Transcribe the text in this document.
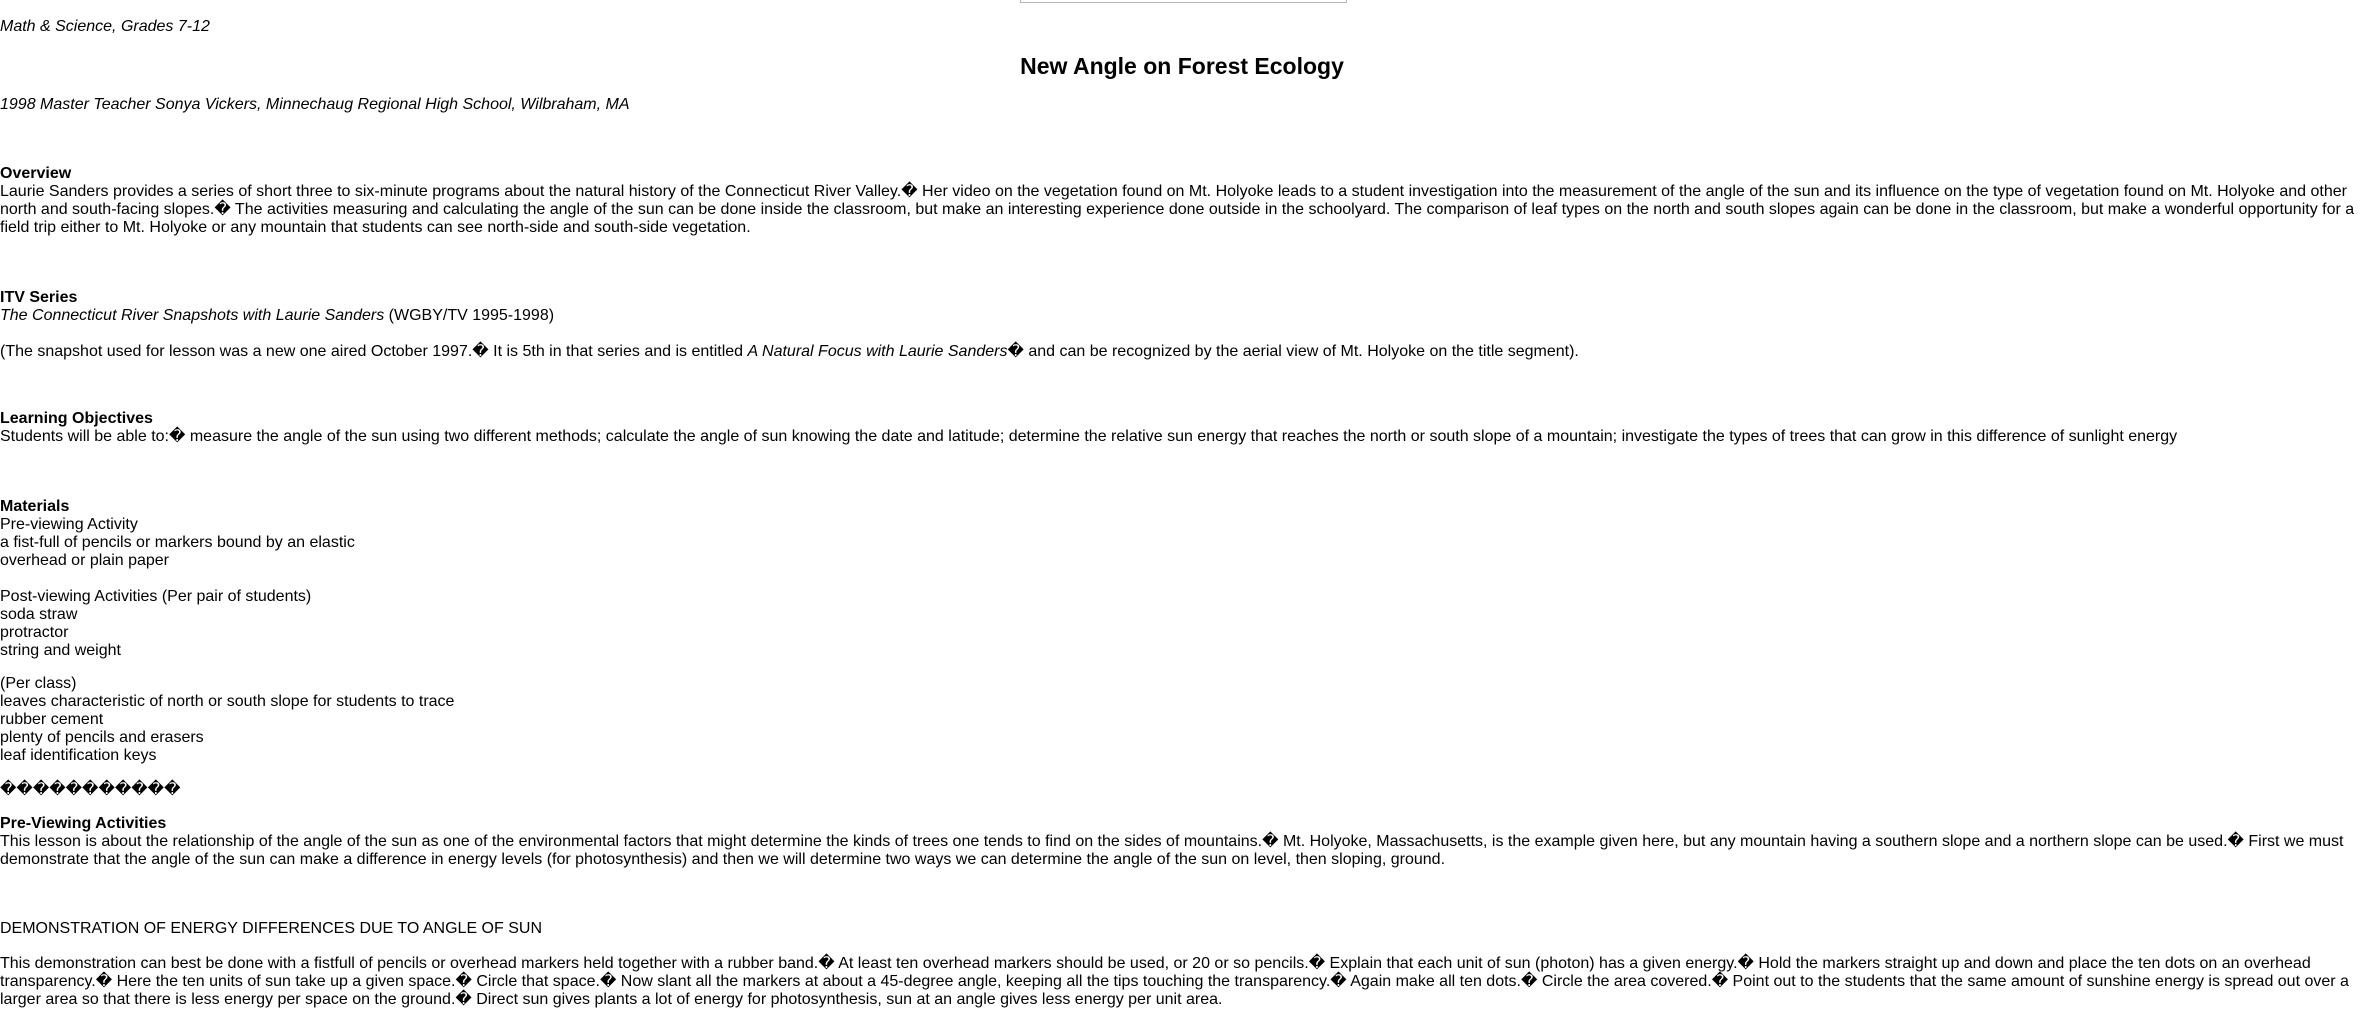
Math & Science, Grades 7-12

New Angle on Forest Ecology

1998 Master Teacher Sonya Vickers, Minnechaug Regional High School, Wilbraham, MA

Overview

Laurie Sanders provides a series of short three to six-minute programs about the natural history of the Connecticut River Valley.� Her video on the vegetation found on Mt. Holyoke leads to a student investigation into the measurement of the angle of the sun and its influence on the type of vegetation found on Mt. Holyoke and other north and south-facing slopes.� The activities measuring and calculating the angle of the sun can be done inside the classroom, but make an interesting experience done outside in the schoolyard. The comparison of leaf types on the north and south slopes again can be done in the classroom, but make a wonderful opportunity for a field trip either to Mt. Holyoke or any mountain that students can see north-side and south-side vegetation.

ITV Series

The Connecticut River Snapshots with Laurie Sanders (WGBY/TV 1995-1998)

(The snapshot used for lesson was a new one aired October 1997.� It is 5th in that series and is entitled A Natural Focus with Laurie Sanders� and can be recognized by the aerial view of Mt. Holyoke on the title segment).

Learning Objectives

Students will be able to:� measure the angle of the sun using two different methods; calculate the angle of sun knowing the date and latitude; determine the relative sun energy that reaches the north or south slope of a mountain; investigate the types of trees that can grow in this difference of sunlight energy

Materials

Pre-viewing Activity
a fist-full of pencils or markers bound by an elastic
overhead or plain paper
Post-viewing Activities (Per pair of students)
soda straw
protractor
string and weight
(Per class)
leaves characteristic of north or south slope for students to trace
rubber cement
plenty of pencils and erasers
leaf identification keys

�����������

Pre-Viewing Activities

This lesson is about the relationship of the angle of the sun as one of the environmental factors that might determine the kinds of trees one tends to find on the sides of mountains.� Mt. Holyoke, Massachusetts, is the example given here, but any mountain having a southern slope and a northern slope can be used.� First we must demonstrate that the angle of the sun can make a difference in energy levels (for photosynthesis) and then we will determine two ways we can determine the angle of the sun on level, then sloping, ground.

DEMONSTRATION OF ENERGY DIFFERENCES DUE TO ANGLE OF SUN

This demonstration can best be done with a fistfull of pencils or overhead markers held together with a rubber band.� At least ten overhead markers should be used, or 20 or so pencils.� Explain that each unit of sun (photon) has a given energy.� Hold the markers straight up and down and place the ten dots on an overhead transparency.� Here the ten units of sun take up a given space.� Circle that space.� Now slant all the markers at about a 45-degree angle, keeping all the tips touching the transparency.� Again make all ten dots.� Circle the area covered.� Point out to the students that the same amount of sunshine energy is spread out over a larger area so that there is less energy per space on the ground.� Direct sun gives plants a lot of energy for photosynthesis, sun at an angle gives less energy per unit area.
